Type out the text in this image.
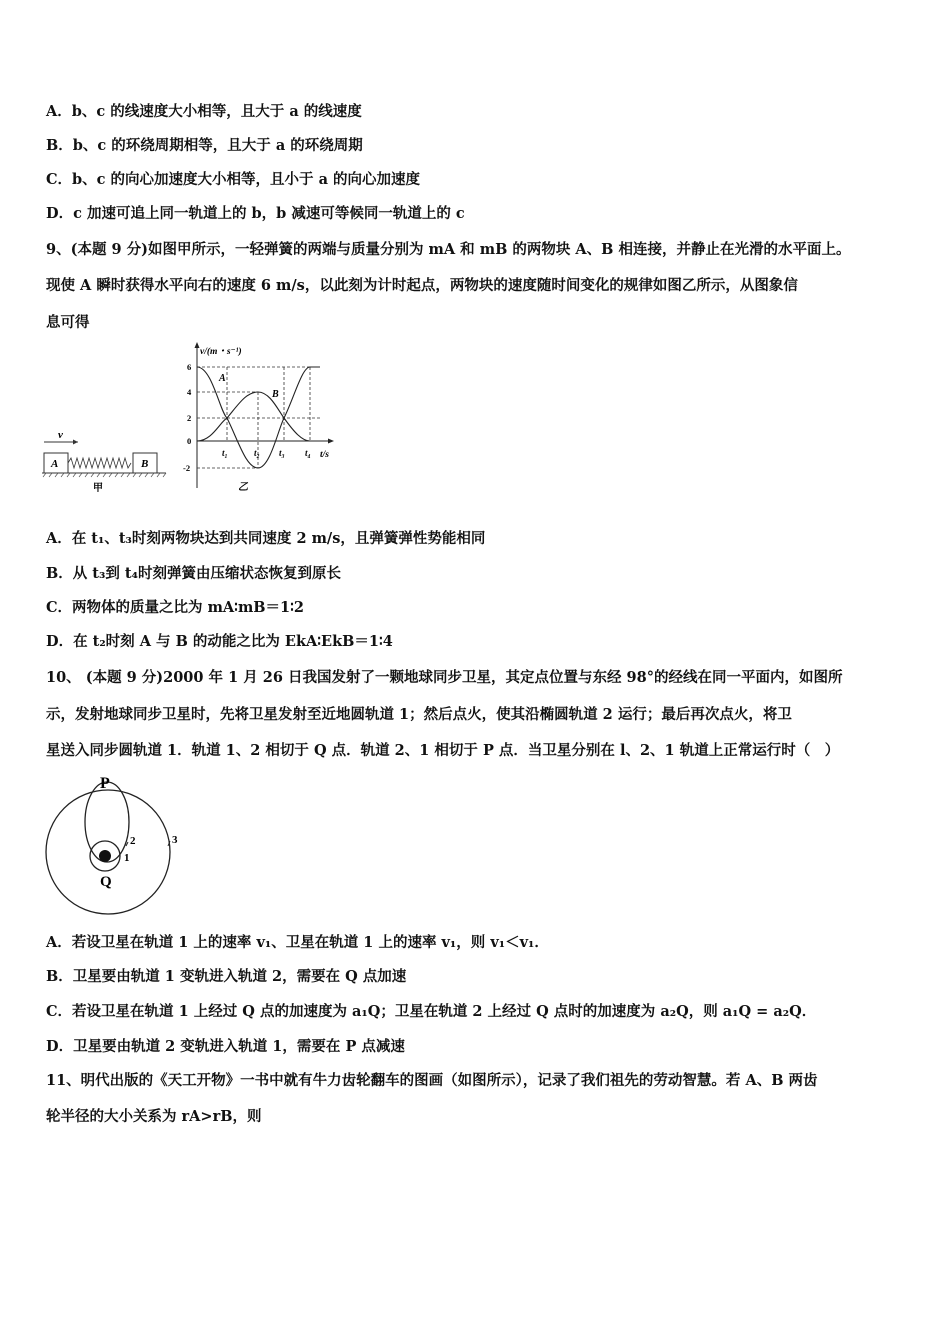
A．b、c 的线速度大小相等，且大于 a 的线速度
B．b、c 的环绕周期相等，且大于 a 的环绕周期
C．b、c 的向心加速度大小相等，且小于 a 的向心加速度
D．c 加速可追上同一轨道上的 b，b 减速可等候同一轨道上的 c
9、(本题 9 分)如图甲所示，一轻弹簧的两端与质量分别为 mA 和 mB 的两物块 A、B 相连接，并静止在光滑的水平面上。
现使 A 瞬时获得水平向右的速度 6 m/s，以此刻为计时起点，两物块的速度随时间变化的规律如图乙所示，从图象信
息可得
v
A	B
甲
v/(m・s⁻¹)
t/s
6
4
2
0
-2
t₁	t₂ t₃ t₄
A
B
乙
A．在 t₁、t₃时刻两物块达到共同速度 2 m/s，且弹簧弹性势能相同
B．从 t₃到 t₄时刻弹簧由压缩状态恢复到原长
C．两物体的质量之比为 mA∶mB＝1∶2
D．在 t₂时刻 A 与 B 的动能之比为 EkA∶EkB＝1∶4
10、 (本题 9 分)2000 年 1 月 26 日我国发射了一颗地球同步卫星，其定点位置与东经 98°的经线在同一平面内，如图所
示，发射地球同步卫星时，先将卫星发射至近地圆轨道 1；然后点火，使其沿椭圆轨道 2 运行；最后再次点火，将卫
星送入同步圆轨道 1．轨道 1、2 相切于 Q 点．轨道 2、1 相切于 P 点．当卫星分别在 l、2、1 轨道上正常运行时（　）
P
Q
1
2	3
A．若设卫星在轨道 1 上的速率 v₁、卫星在轨道 1 上的速率 v₁，则 v₁＜v₁．
B．卫星要由轨道 1 变轨进入轨道 2，需要在 Q 点加速
C．若设卫星在轨道 1 上经过 Q 点的加速度为 a₁Q；卫星在轨道 2 上经过 Q 点时的加速度为 a₂Q，则 a₁Q = a₂Q．
D．卫星要由轨道 2 变轨进入轨道 1，需要在 P 点减速
11、明代出版的《天工开物》一书中就有牛力齿轮翻车的图画（如图所示），记录了我们祖先的劳动智慧。若 A、B 两齿
轮半径的大小关系为 rA>rB，则
